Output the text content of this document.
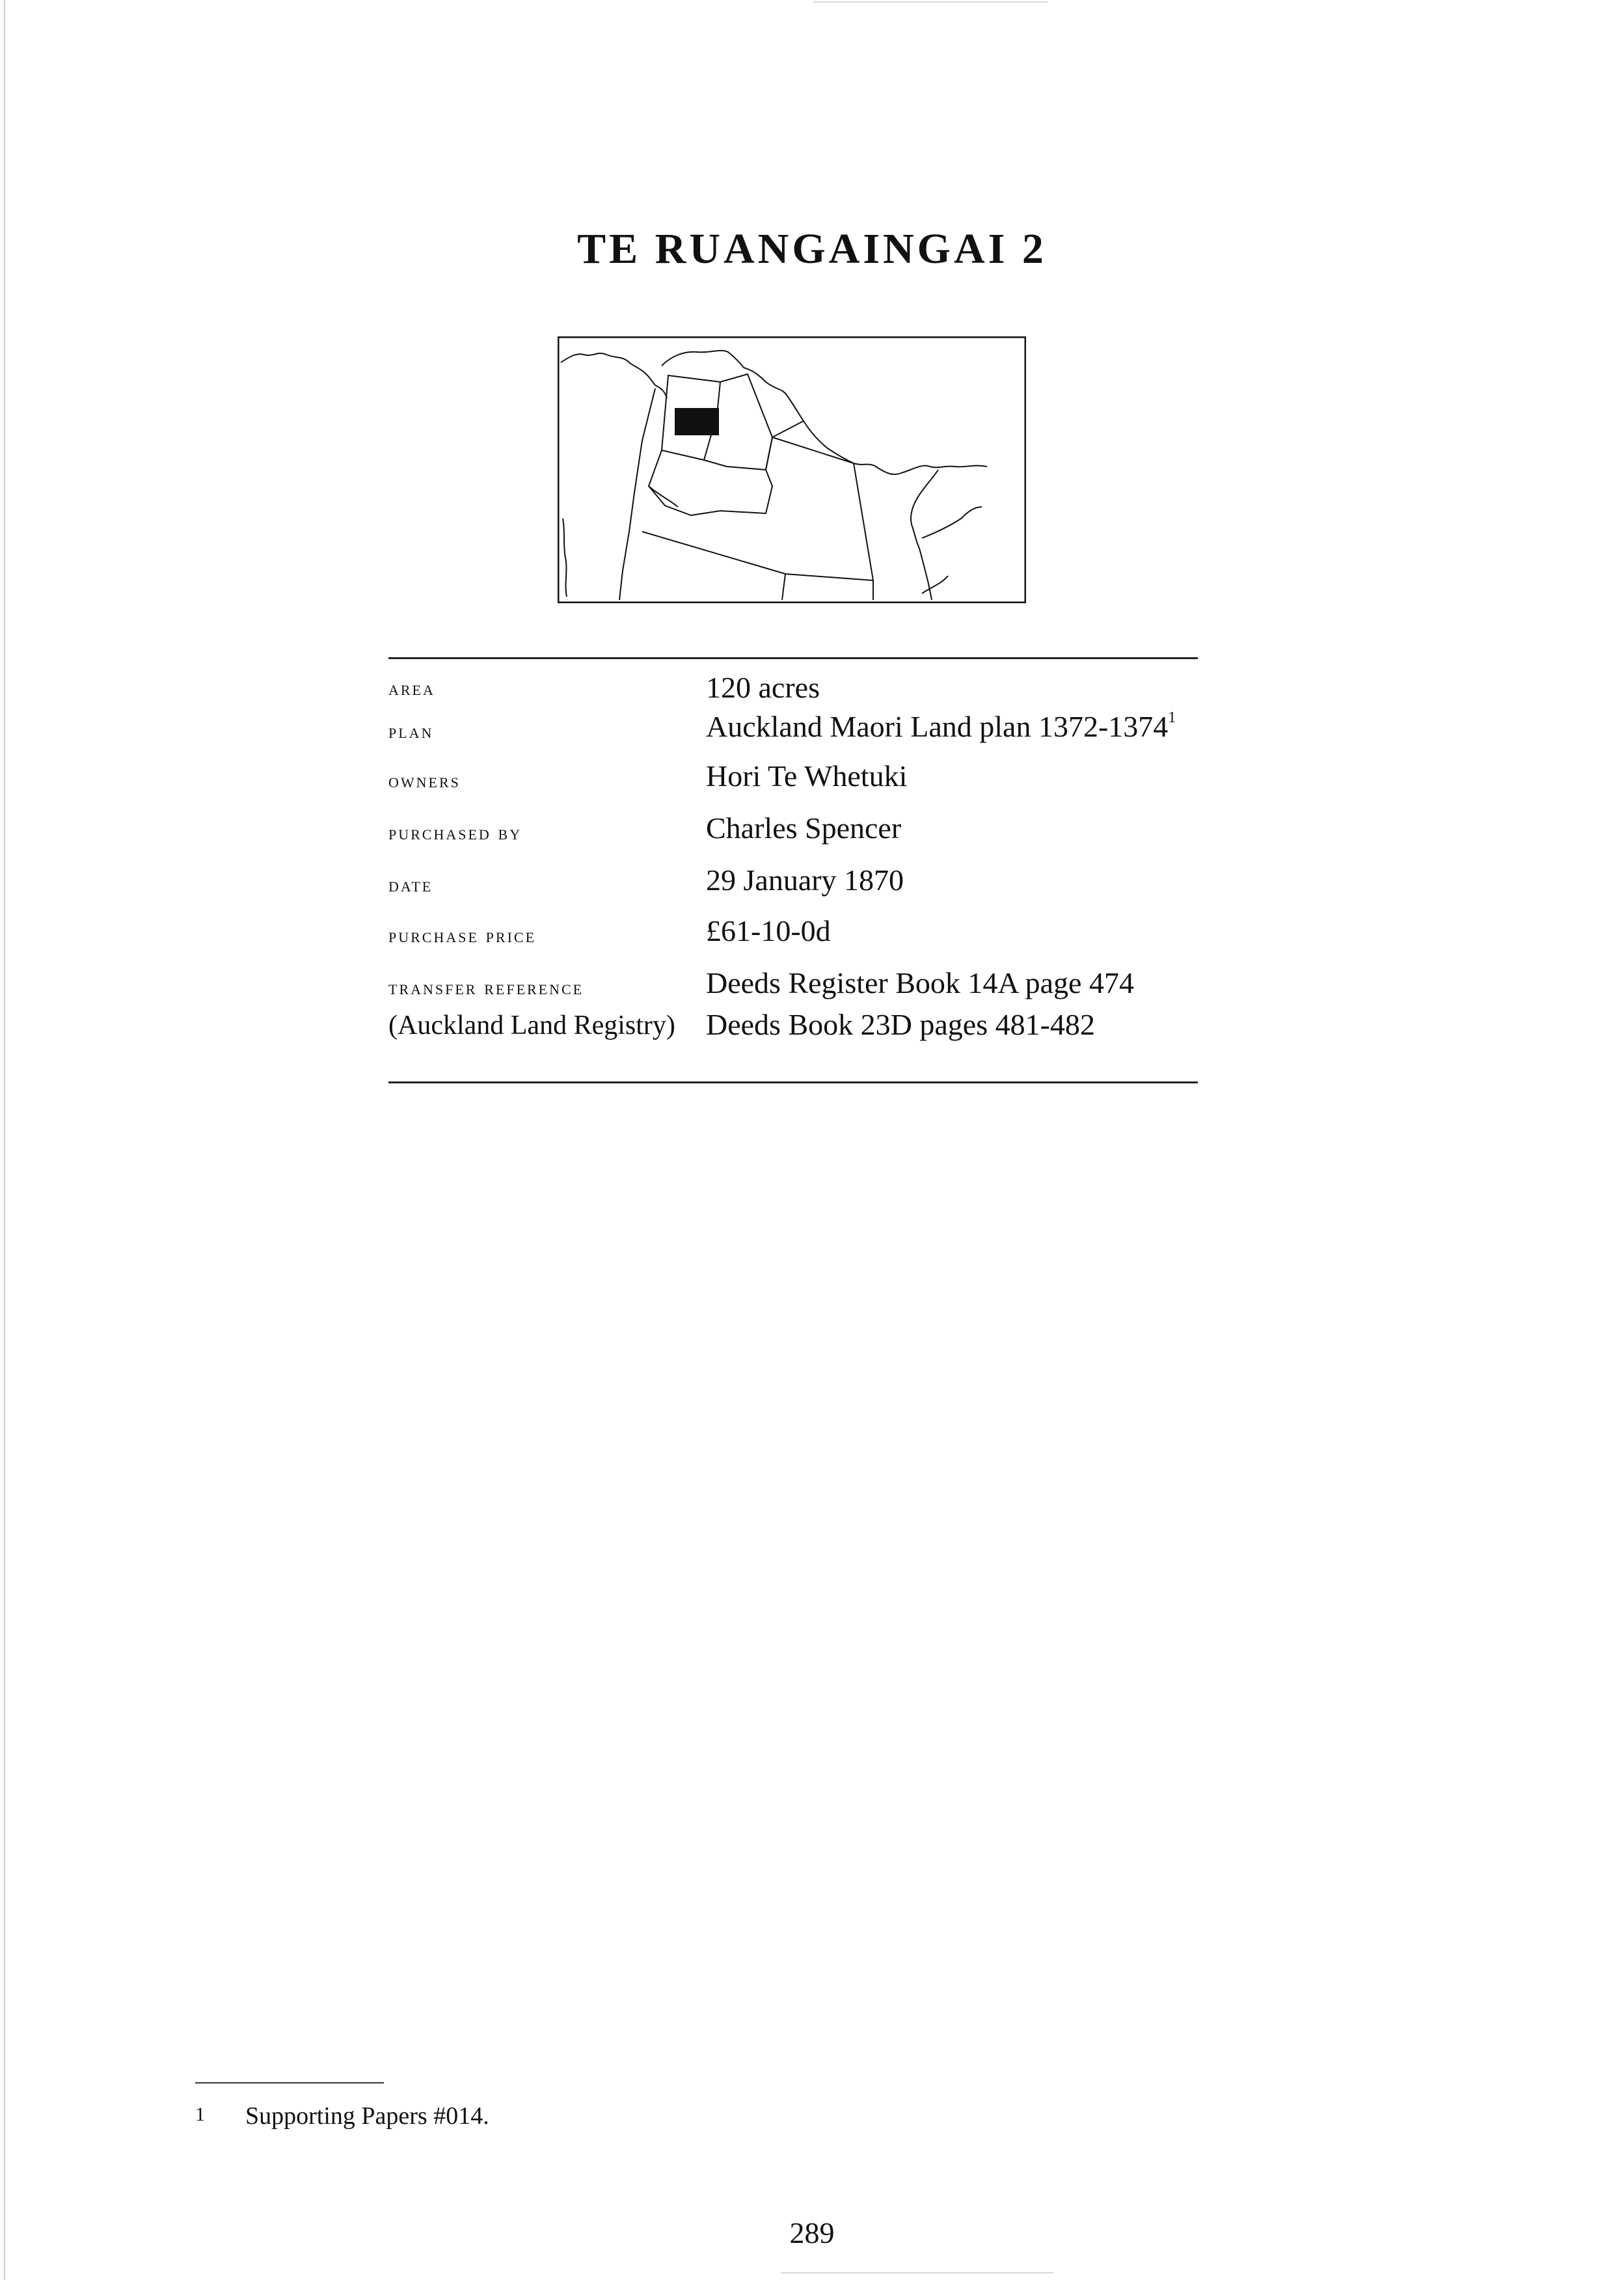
TE RUANGAINGAI 2
area	120 acres
plan	Auckland Maori Land plan 1372-1374$^1$
owners	Hori Te Whetuki
purchased by	Charles Spencer
date	29 January 1870
purchase price	£61-10-0d
transfer reference	Deeds Register Book 14A page 474
(Auckland Land Registry) Deeds Book 23D pages 481-482
1 Supporting Papers #014.
289
